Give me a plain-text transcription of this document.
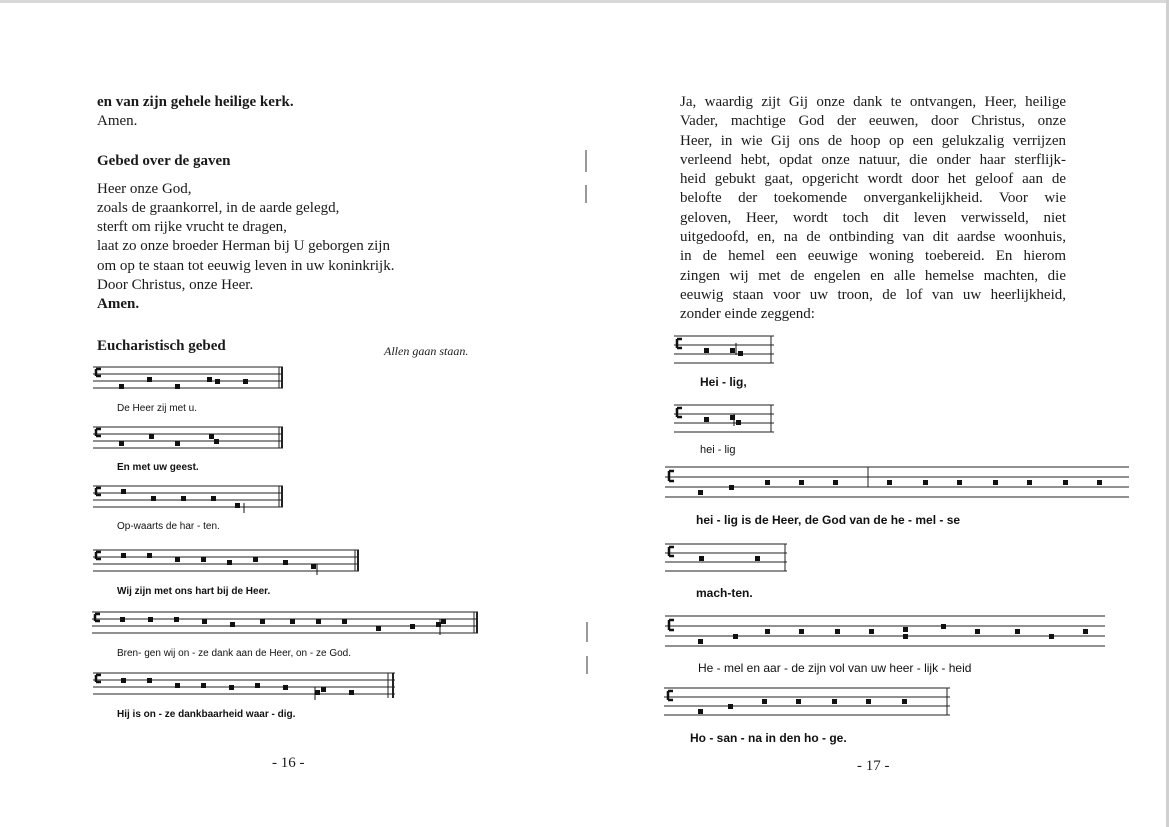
en van zijn gehele heilige kerk.
Amen.
Gebed over de gaven
Heer onze God,
zoals de graankorrel, in de aarde gelegd,
sterft om rijke vrucht te dragen,
laat zo onze broeder Herman bij U geborgen zijn
om op te staan tot eeuwig leven in uw koninkrijk.
Door Christus, onze Heer.
Amen.
Eucharistisch gebed	Allen gaan staan.
De Heer zij met u.
En met uw geest.
Op-waarts de har - ten.
Wij zijn met ons hart bij de Heer.
Bren- gen wij on - ze dank aan de Heer, on - ze God.
Hij is on - ze dankbaarheid waar - dig.
- 16 -
Ja, waardig zijt Gij onze dank te ontvangen, Heer, heilige
Vader, machtige God der eeuwen, door Christus, onze
Heer, in wie Gij ons de hoop op een gelukzalig verrijzen
verleend hebt, opdat onze natuur, die onder haar sterflijk-
heid gebukt gaat, opgericht wordt door het geloof aan de
belofte der toekomende onvergankelijkheid. Voor wie
geloven, Heer, wordt toch dit leven verwisseld, niet
uitgedoofd, en, na de ontbinding van dit aardse woonhuis,
in de hemel een eeuwige woning toebereid. En hierom
zingen wij met de engelen en alle hemelse machten, die
eeuwig staan voor uw troon, de lof van uw heerlijkheid,
zonder einde zeggend:
Hei - lig,
hei - lig
hei - lig is de Heer, de God van de he - mel - se
mach-ten.
He - mel en aar - de zijn vol van uw heer - lijk - heid
Ho - san - na in den ho - ge.
- 17 -
